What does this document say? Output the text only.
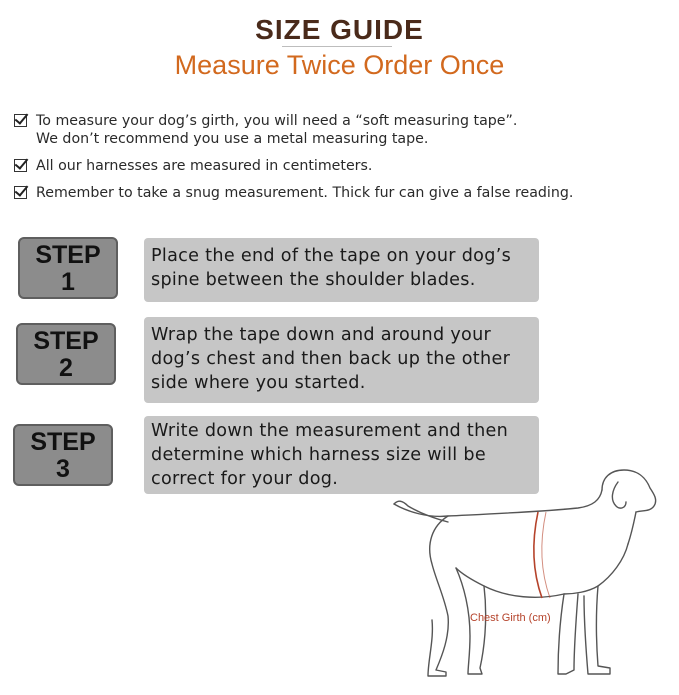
SIZE GUIDE
Measure Twice Order Once
To measure your dog’s girth, you will need a “soft measuring tape”.
We don’t recommend you use a metal measuring tape.
All our harnesses are measured in centimeters.
Remember to take a snug measurement. Thick fur can give a false reading.
STEP
1
Place the end of the tape on your dog’s
spine between the shoulder blades.
STEP
2
Wrap the tape down and around your
dog’s chest and then back up the other
side where you started.
STEP
3
Write down the measurement and then
determine which harness size will be
correct for your dog.
Chest Girth (cm)
